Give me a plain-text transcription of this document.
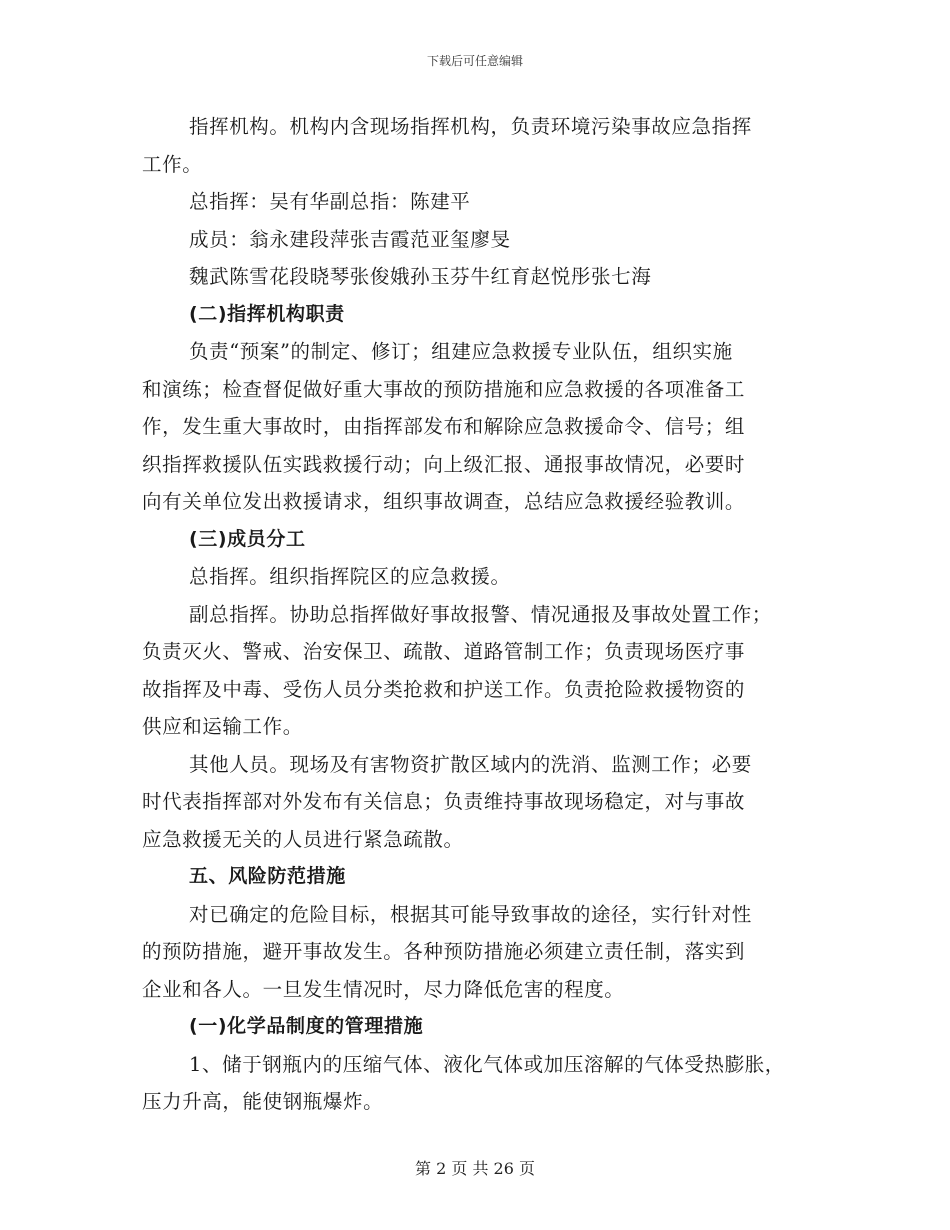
下载后可任意编辑
指挥机构。机构内含现场指挥机构，负责环境污染事故应急指挥
工作。
总指挥：吴有华副总指：陈建平
成员：翁永建段萍张吉霞范亚玺廖旻
魏武陈雪花段晓琴张俊娥孙玉芬牛红育赵悦彤张七海
(二)指挥机构职责
负责“预案”的制定、修订；组建应急救援专业队伍，组织实施
和演练；检查督促做好重大事故的预防措施和应急救援的各项准备工
作，发生重大事故时，由指挥部发布和解除应急救援命令、信号；组
织指挥救援队伍实践救援行动；向上级汇报、通报事故情况，必要时
向有关单位发出救援请求，组织事故调查，总结应急救援经验教训。
(三)成员分工
总指挥。组织指挥院区的应急救援。
副总指挥。协助总指挥做好事故报警、情况通报及事故处置工作；
负责灭火、警戒、治安保卫、疏散、道路管制工作；负责现场医疗事
故指挥及中毒、受伤人员分类抢救和护送工作。负责抢险救援物资的
供应和运输工作。
其他人员。现场及有害物资扩散区域内的洗消、监测工作；必要
时代表指挥部对外发布有关信息；负责维持事故现场稳定，对与事故
应急救援无关的人员进行紧急疏散。
五、风险防范措施
对已确定的危险目标，根据其可能导致事故的途径，实行针对性
的预防措施，避开事故发生。各种预防措施必须建立责任制，落实到
企业和各人。一旦发生情况时，尽力降低危害的程度。
(一)化学品制度的管理措施
1、储于钢瓶内的压缩气体、液化气体或加压溶解的气体受热膨胀，
压力升高，能使钢瓶爆炸。
第 2 页 共 26 页
